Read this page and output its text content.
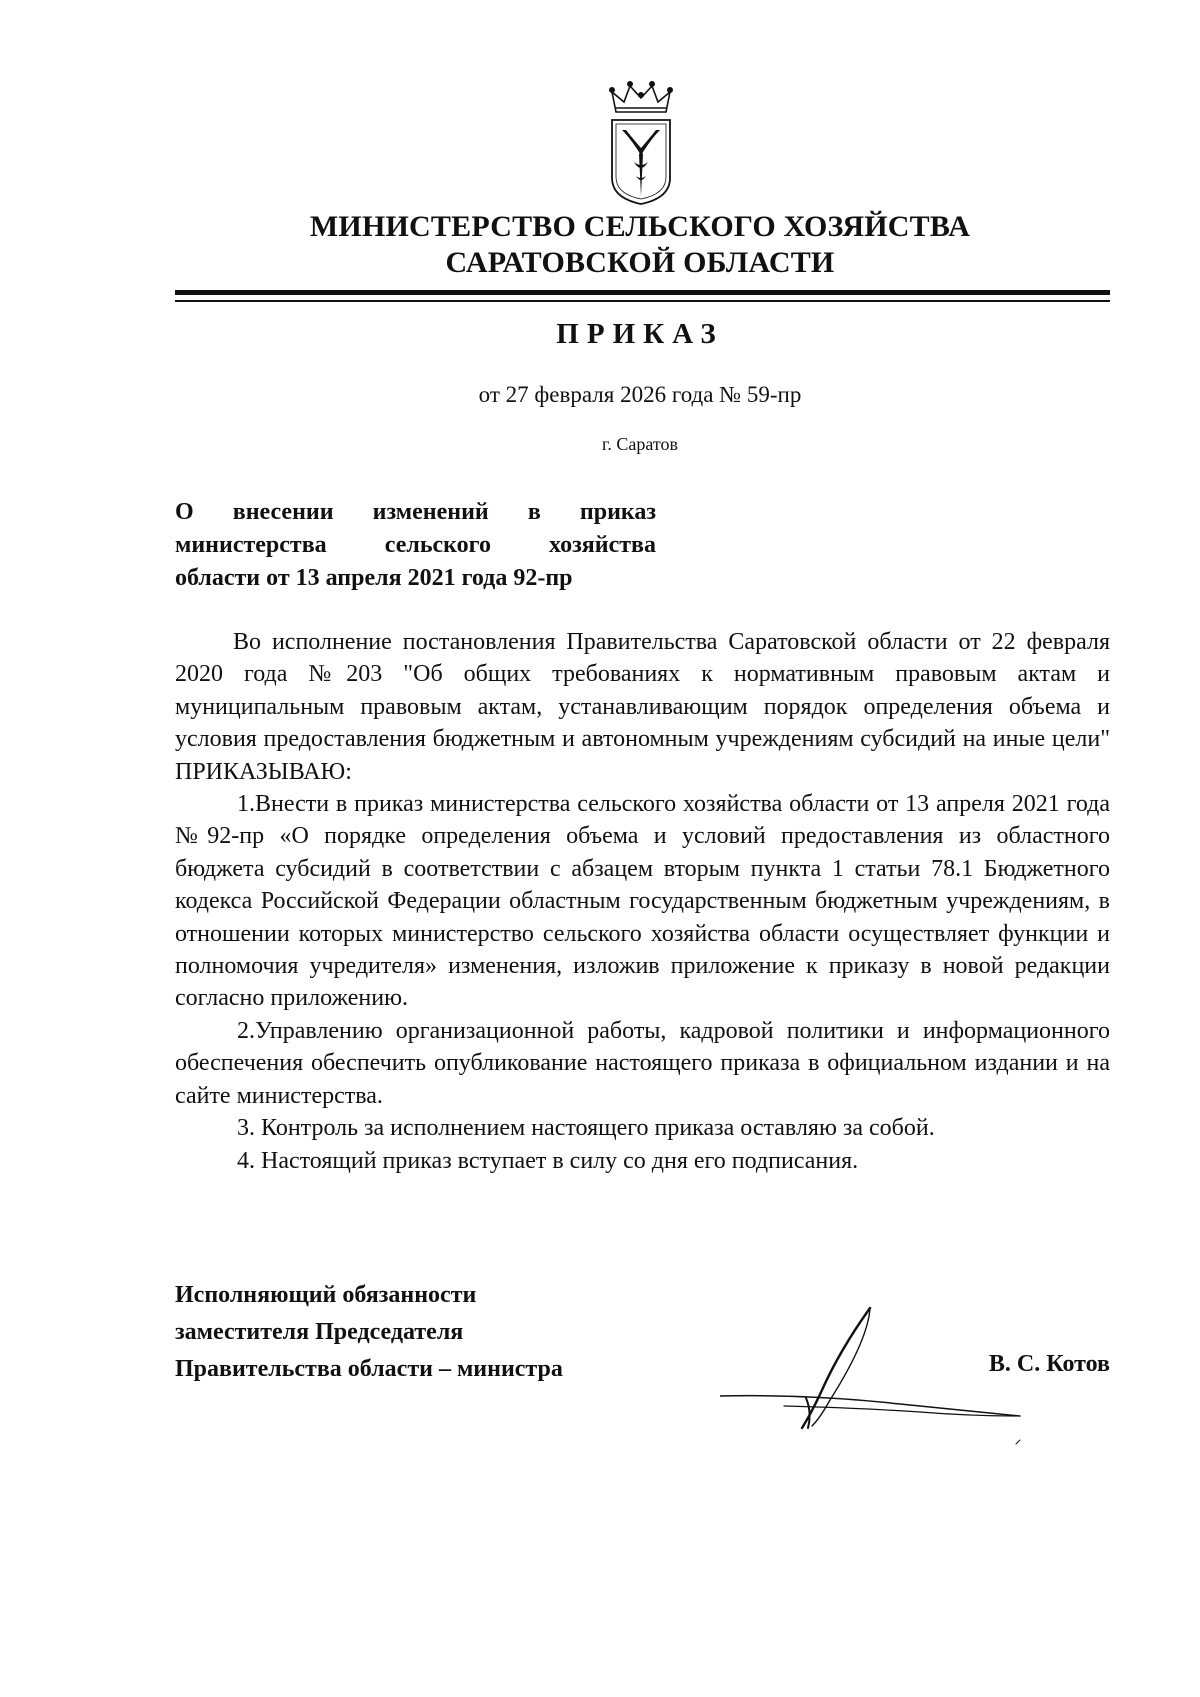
МИНИСТЕРСТВО СЕЛЬСКОГО ХОЗЯЙСТВА
САРАТОВСКОЙ ОБЛАСТИ
ПРИКАЗ
от 27 февраля 2026 года № 59-пр
г. Саратов
О внесении изменений в приказ
министерства сельского хозяйства
области от 13 апреля 2021 года 92-пр

Во исполнение постановления Правительства Саратовской области от 22 февраля 2020 года №203 "Об общих требованиях к нормативным правовым актам и муниципальным правовым актам, устанавливающим порядок определения объема и условия предоставления бюджетным и автономным учреждениям субсидий на иные цели" ПРИКАЗЫВАЮ:

1.Внести в приказ министерства сельского хозяйства области от 13 апреля 2021 года №92-пр «О порядке определения объема и условий предоставления из областного бюджета субсидий в соответствии с абзацем вторым пункта 1 статьи 78.1 Бюджетного кодекса Российской Федерации областным государственным бюджетным учреждениям, в отношении которых министерство сельского хозяйства области осуществляет функции и полномочия учредителя» изменения, изложив приложение к приказу в новой редакции согласно приложению.

2.Управлению организационной работы, кадровой политики и информационного обеспечения обеспечить опубликование настоящего приказа в официальном издании и на сайте министерства.

3. Контроль за исполнением настоящего приказа оставляю за собой.

4. Настоящий приказ вступает в силу со дня его подписания.

Исполняющий обязанности
заместителя Председателя
Правительства области – министра	В. С. Котов
